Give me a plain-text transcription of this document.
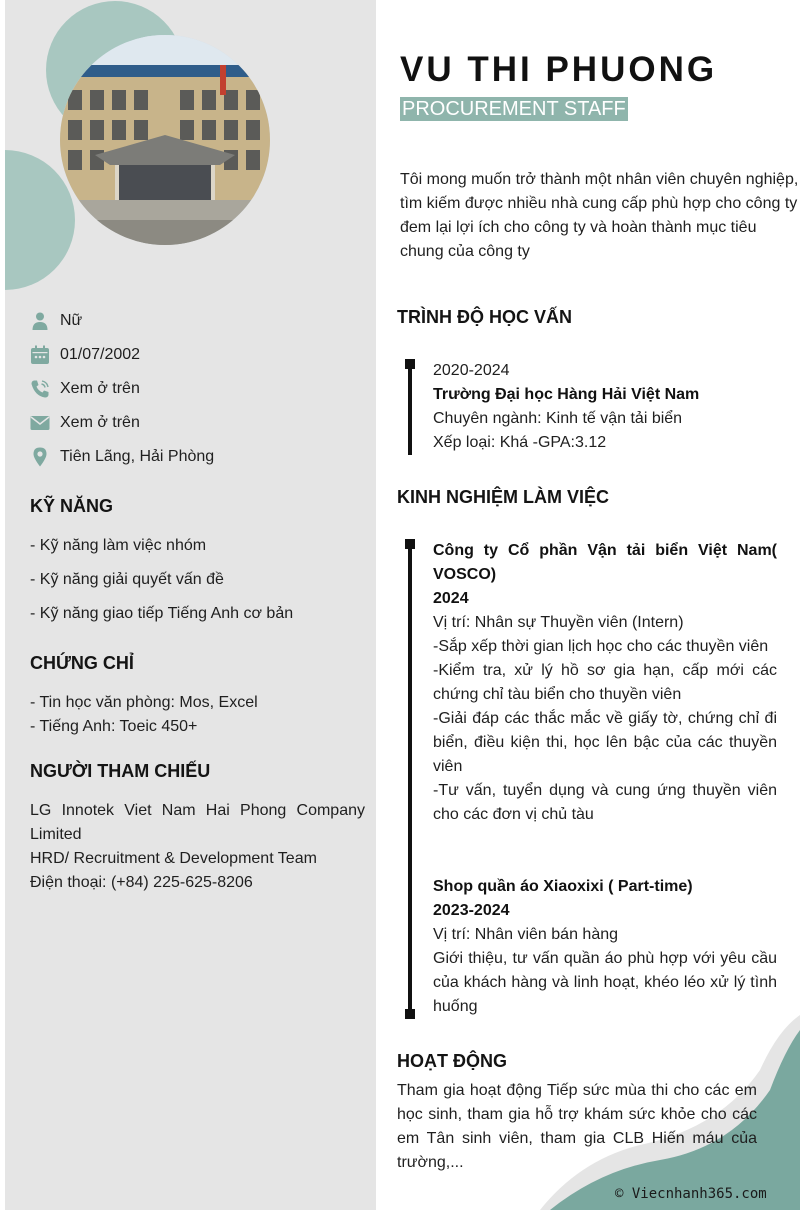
Nữ
01/07/2002
Xem ở trên
Xem ở trên
Tiên Lãng, Hải Phòng
KỸ NĂNG
- Kỹ năng làm việc nhóm
- Kỹ năng giải quyết vấn đề
- Kỹ năng giao tiếp Tiếng Anh cơ bản
CHỨNG CHỈ
- Tin học văn phòng: Mos, Excel
- Tiếng Anh: Toeic 450+
NGƯỜI THAM CHIẾU
LG Innotek Viet Nam Hai Phong Company Limited
HRD/ Recruitment & Development Team
Điện thoại: (+84) 225-625-8206
VU THI PHUONG
PROCUREMENT STAFF
Tôi mong muốn trở thành một nhân viên chuyên nghiệp, tìm kiếm được nhiều nhà cung cấp phù hợp cho công ty đem lại lợi ích cho công ty và hoàn thành mục tiêu chung của công ty
TRÌNH ĐỘ HỌC VẤN
2020-2024
Trường Đại học Hàng Hải Việt Nam
Chuyên ngành: Kinh tế vận tải biển
Xếp loại: Khá -GPA:3.12
KINH NGHIỆM LÀM VIỆC
Công ty Cổ phần Vận tải biển Việt Nam( VOSCO)
2024
Vị trí: Nhân sự Thuyền viên (Intern)
-Sắp xếp thời gian lịch học cho các thuyền viên
-Kiểm tra, xử lý hồ sơ gia hạn, cấp mới các chứng chỉ tàu biển cho thuyền viên
-Giải đáp các thắc mắc về giấy tờ, chứng chỉ đi biển, điều kiện thi, học lên bậc của các thuyền viên
-Tư vấn, tuyển dụng và cung ứng thuyền viên cho các đơn vị chủ tàu
Shop quần áo Xiaoxixi ( Part-time)
2023-2024
Vị trí: Nhân viên bán hàng
Giới thiệu, tư vấn quần áo phù hợp với yêu cầu của khách hàng và linh hoạt, khéo léo xử lý tình huống
HOẠT ĐỘNG
Tham gia hoạt động Tiếp sức mùa thi cho các em học sinh, tham gia hỗ trợ khám sức khỏe cho các em Tân sinh viên, tham gia CLB Hiến máu của trường,...
© Viecnhanh365.com
